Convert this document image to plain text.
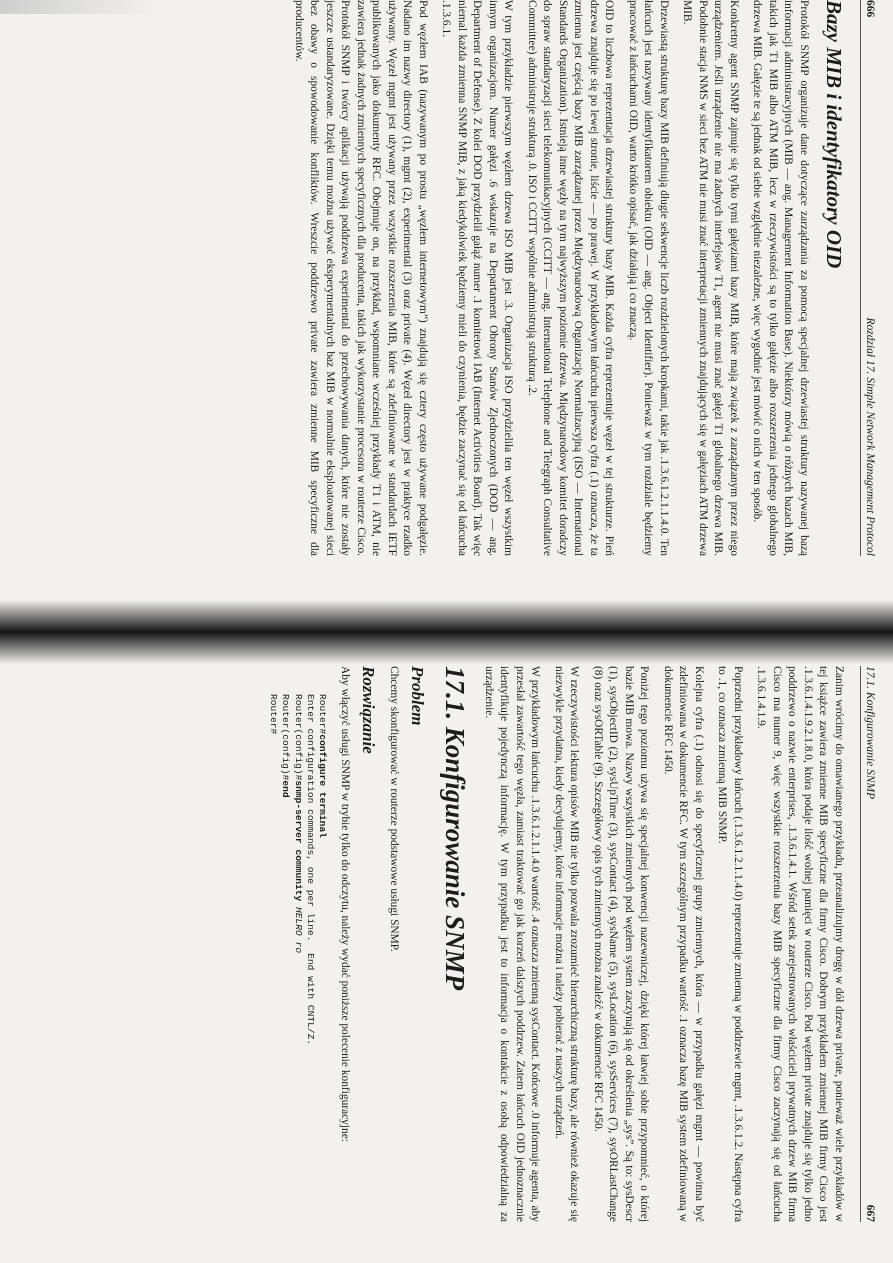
666
Rozdział 17. Simple Network Management Protocol
Bazy MIB i identyfikatory OID

Protokół SNMP organizuje dane dotyczące zarządzania za pomocą specjalnej drzewiastej struktury nazywanej bazą informacji administracyjnych (MIB — ang. Management Information Base). Niektórzy mówią o różnych bazach MIB, takich jak T1 MIB albo ATM MIB, lecz w rzeczywistości są to tylko gałęzie albo rozszerzenia jednego globalnego drzewa MIB. Gałęzie te są jednak od siebie względnie niezależne, więc wygodnie jest mówić o nich w ten sposób.

Konkretny agent SNMP zajmuje się tylko tymi gałęziami bazy MIB, które mają związek z zarządzanym przez niego urządzeniem. Jeśli urządzenie nie ma żadnych interfejsów T1, agent nie musi znać gałęzi T1 globalnego drzewa MIB. Podobnie stacja NMS w sieci bez ATM nie musi znać interpretacji zmiennych znajdujących się w gałęziach ATM drzewa MIB.

Drzewiastą strukturę bazy MIB definiują długie sekwencje liczb rozdzielonych kropkami, takie jak .1.3.6.1.2.1.1.4.0. Ten łańcuch jest nazywany identyfikatorem obiektu (OID — ang. Object Identifier). Ponieważ w tym rozdziale będziemy pracować z łańcuchami OID, warto krótko opisać, jak działają i co znaczą.

OID to liczbowa reprezentacja drzewiastej struktury bazy MIB. Każda cyfra reprezentuje węzeł w tej strukturze. Pień drzewa znajduje się po lewej stronie, liście — po prawej. W przykładowym łańcuchu pierwsza cyfra (.1) oznacza, że ta zmienna jest częścią bazy MIB zarządzanej przez Międzynarodową Organizację Normalizacyjną (ISO — International Standards Organization). Istnieją inne węzły na tym najwyższym poziomie drzewa. Międzynarodowy komitet doradczy do spraw standaryzacji sieci telekomunikacyjnych (CCITT — ang. International Telephone and Telegraph Consultative Committee) administruje strukturą .0. ISO i CCITT wspólnie administrują strukturą .2.

W tym przykładzie pierwszym węzłem drzewa ISO MIB jest .3. Organizacja ISO przydzieliła ten węzeł wszystkim innym organizacjom. Numer gałęzi .6 wskazuje na Departament Obrony Stanów Zjednoczonych (DOD — ang. Department of Defense). Z kolei DOD przydzielił gałąź numer .1 komitetowi IAB (Internet Activities Board). Tak więc niemal każda zmienna SNMP MIB, z jaką kiedykolwiek będziemy mieli do czynienia, będzie zaczynać się od łańcucha .1.3.6.1.

Pod węzłem IAB (nazywanym po prostu „węzłem internetowym”) znajdują się cztery często używane podgałęzie. Nadano im nazwy directory (1), mgmt (2), experimental (3) oraz private (4). Węzeł directory jest w praktyce rzadko używany. Węzeł mgmt jest używany przez wszystkie rozszerzenia MIB, które są zdefiniowane w standardach IETF publikowanych jako dokumenty RFC. Obejmuje on, na przykład, wspomniane wcześniej przykłady T1 i ATM, nie zawiera jednak żadnych zmiennych specyficznych dla producenta, takich jak wykorzystanie procesora w routerze Cisco. Protokół SNMP i twórcy aplikacji używają poddrzewa experimental do przechowywania danych, które nie zostały jeszcze ustandaryzowane. Dzięki temu można używać eksperymentalnych baz MIB w normalnie eksploatowanej sieci bez obawy o spowodowanie konfliktów. Wreszcie poddrzewo private zawiera zmienne MIB specyficzne dla producentów.

17.1. Konfigurowanie SNMP
667

Zanim wrócimy do omawianego przykładu, przeanalizujmy drogę w dół drzewa private, ponieważ wiele przykładów w tej książce zawiera zmienne MIB specyficzne dla firmy Cisco. Dobrym przykładem zmiennej MIB firmy Cisco jest .1.3.6.1.4.1.9.2.1.8.0, która podaje ilość wolnej pamięci w routerze Cisco. Pod węzłem private znajduje się tylko jedno poddrzewo o nazwie enterprises, .1.3.6.1.4.1. Wśród setek zarejestrowanych właścicieli prywatnych drzew MIB firma Cisco ma numer 9, więc wszystkie rozszerzenia bazy MIB specyficzne dla firmy Cisco zaczynają się od łańcucha .1.3.6.1.4.1.9.

Poprzedni przykładowy łańcuch (.1.3.6.1.2.1.1.4.0) reprezentuje zmienną w poddrzewie mgmt, .1.3.6.1.2. Następna cyfra to .1, co oznacza zmienną MIB SNMP.

Kolejna cyfra (.1) odnosi się do specyficznej grupy zmiennych, która — w przypadku gałęzi mgmt — powinna być zdefiniowana w dokumencie RFC. W tym szczególnym przypadku wartość .1 oznacza bazę MIB system zdefiniowaną w dokumencie RFC 1450.

Poniżej tego poziomu używa się specjalnej konwencji nazewniczej, dzięki której łatwiej sobie przypomnieć, o której bazie MIB mowa. Nazwy wszystkich zmiennych pod węzłem system zaczynają się od określenia „sys”. Są to: sysDescr (1), sysObjectID (2), sysUpTime (3), sysContact (4), sysName (5), sysLocation (6), sysServices (7), sysORLastChange (8) oraz sysORTable (9). Szczegółowy opis tych zmiennych można znaleźć w dokumencie RFC 1450.

W rzeczywistości lektura opisów MIB nie tylko pozwala zrozumieć hierarchiczną strukturę bazy, ale również okazuje się niezwykle przydatna, kiedy decydujemy, które informacje można i należy pobierać z naszych urządzeń.

W przykładowym łańcuchu .1.3.6.1.2.1.1.4.0 wartość .4 oznacza zmienną sysContact. Końcowe .0 informuje agenta, aby przesłał zawartość tego węzła, zamiast traktować go jak korzeń dalszych poddrzew. Zatem łańcuch OID jednoznacznie identyfikuje pojedynczą informację. W tym przypadku jest to informacja o kontakcie z osobą odpowiedzialną za urządzenie.

17.1. Konfigurowanie SNMP
Problem

Chcemy skonfigurować w routerze podstawowe usługi SNMP.

Rozwiązanie

Aby włączyć usługi SNMP w trybie tylko do odczytu, należy wydać poniższe polecenie konfiguracyjne:

Router#configure terminal
Enter configuration commands, one per line.  End with CNTL/Z.
Router(config)#snmp-server community HELRO ro
Router(config)#end
Router#
